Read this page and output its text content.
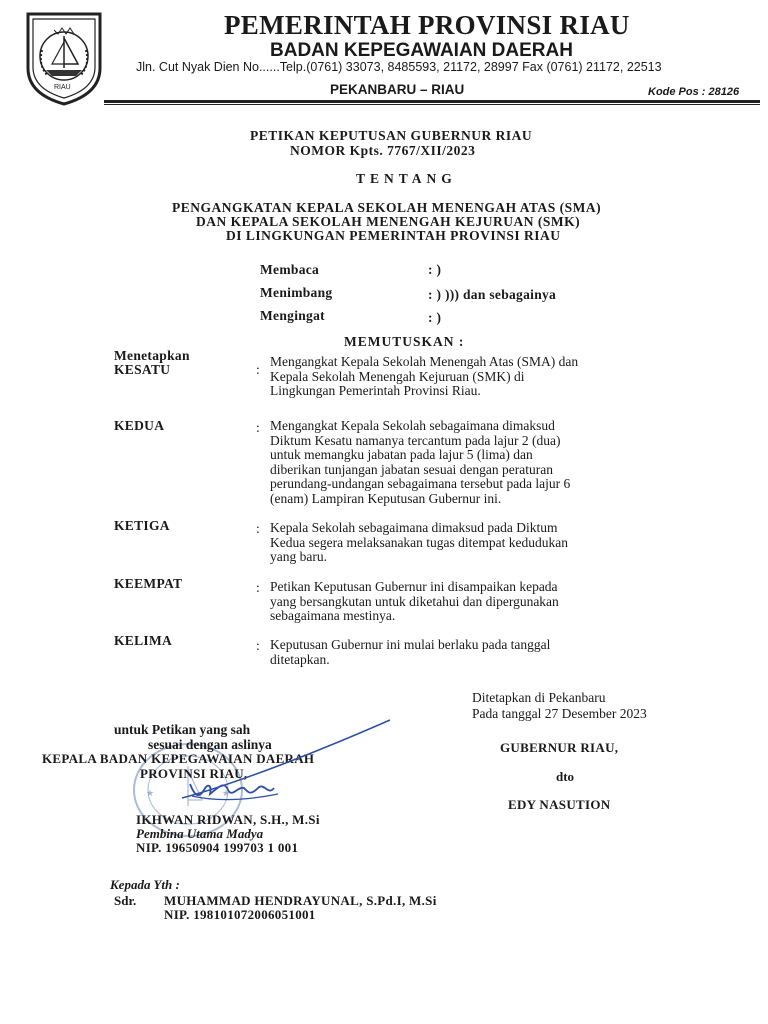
RIAU
PEMERINTAH PROVINSI RIAU
BADAN KEPEGAWAIAN DAERAH
Jln. Cut Nyak Dien No......Telp.(0761) 33073, 8485593, 21172, 28997 Fax (0761) 21172, 22513
PEKANBARU – RIAU	Kode Pos : 28126
PETIKAN KEPUTUSAN GUBERNUR RIAU
NOMOR Kpts. 7767/XII/2023
TENTANG
PENGANGKATAN KEPALA SEKOLAH MENENGAH ATAS (SMA)
DAN KEPALA SEKOLAH MENENGAH KEJURUAN (SMK)
DI LINGKUNGAN PEMERINTAH PROVINSI RIAU
Membaca	: )
Menimbang	: ) ))) dan sebagainya
Mengingat	: )
MEMUTUSKAN :
Menetapkan
KESATU	:
Mengangkat Kepala Sekolah Menengah Atas (SMA) dan
Kepala Sekolah Menengah Kejuruan (SMK) di
Lingkungan Pemerintah Provinsi Riau.
KEDUA	: Mengangkat Kepala Sekolah sebagaimana dimaksud
Diktum Kesatu namanya tercantum pada lajur 2 (dua)
untuk memangku jabatan pada lajur 5 (lima) dan
diberikan tunjangan jabatan sesuai dengan peraturan
perundang-undangan sebagaimana tersebut pada lajur 6
(enam) Lampiran Keputusan Gubernur ini.
KETIGA	: Kepala Sekolah sebagaimana dimaksud pada Diktum
Kedua segera melaksanakan tugas ditempat kedudukan
yang baru.
KEEMPAT	: Petikan Keputusan Gubernur ini disampaikan kepada
yang bersangkutan untuk diketahui dan dipergunakan
sebagaimana mestinya.
KELIMA	: Keputusan Gubernur ini mulai berlaku pada tanggal
ditetapkan.
Ditetapkan di Pekanbaru
Pada tanggal 27 Desember 2023
GUBERNUR RIAU,
dto
EDY NASUTION
★	★
untuk Petikan yang sah
sesuai dengan aslinya
KEPALA BADAN KEPEGAWAIAN DAERAH
PROVINSI RIAU,
IKHWAN RIDWAN, S.H., M.Si
Pembina Utama Madya
NIP. 19650904 199703 1 001
Kepada Yth :
Sdr. MUHAMMAD HENDRAYUNAL, S.Pd.I, M.Si
NIP. 198101072006051001
